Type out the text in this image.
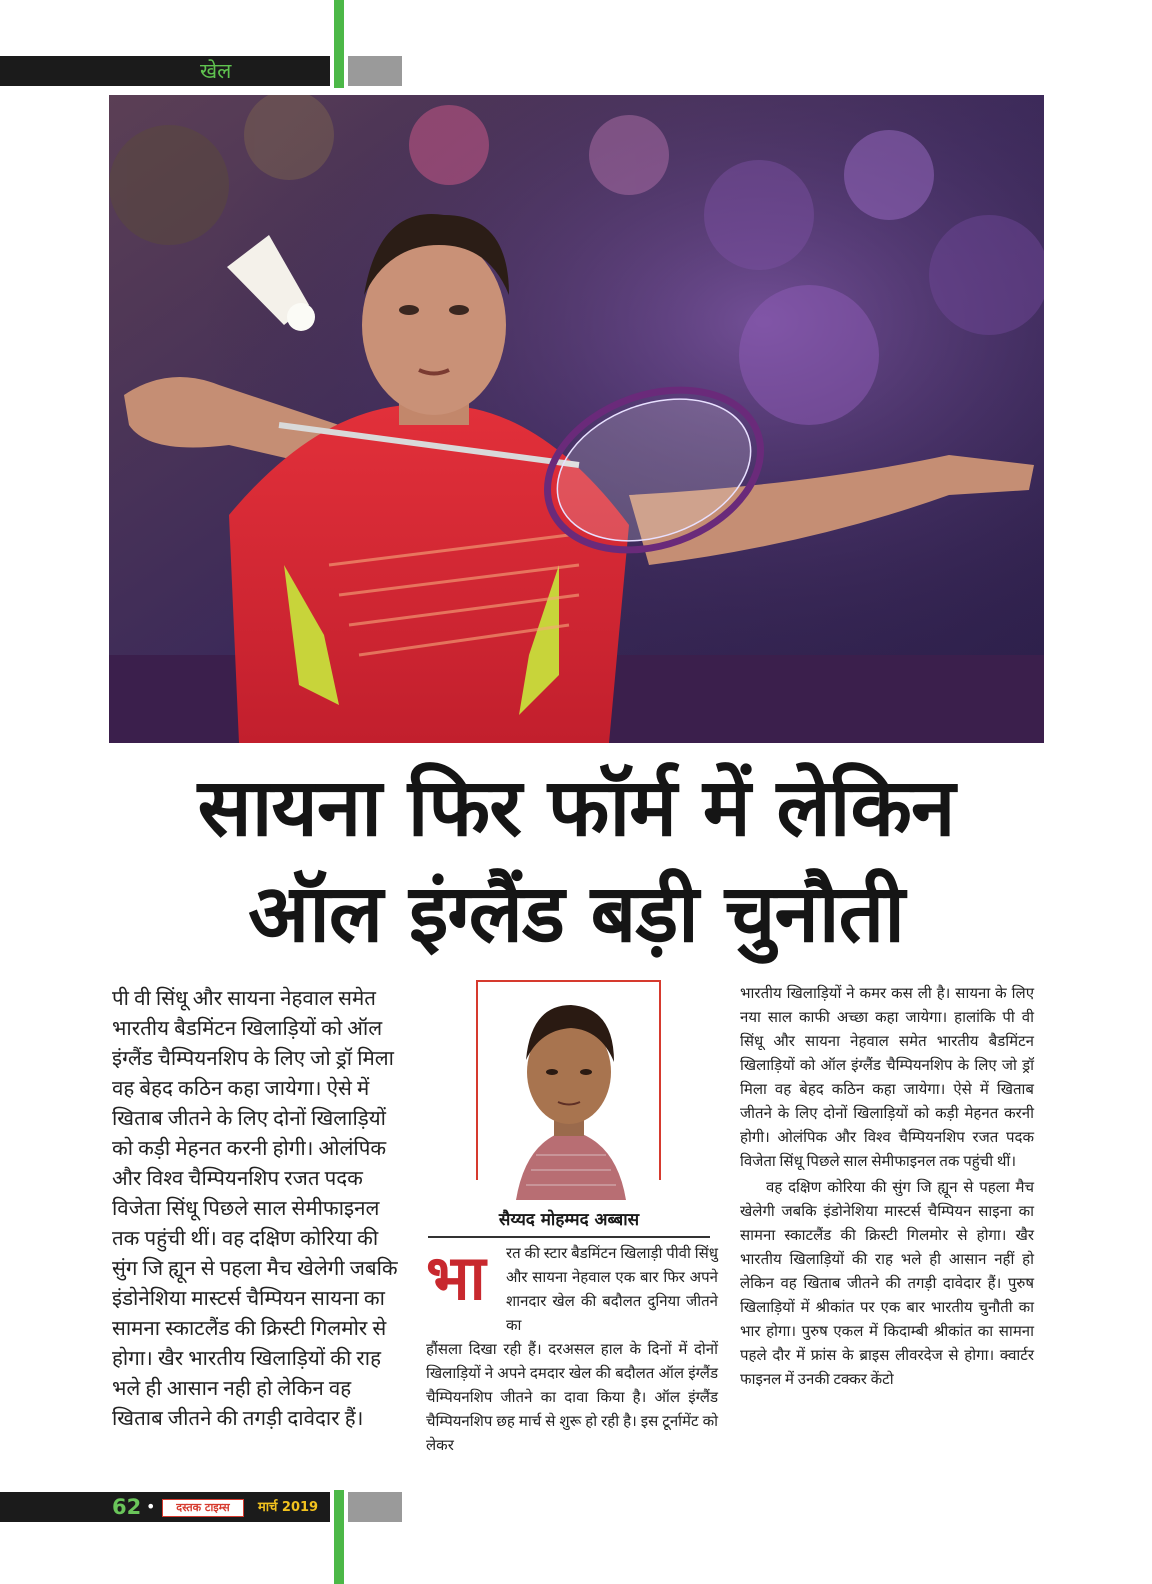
खेल
सायना फिर फॉर्म में लेकिन
ऑल इंग्लैंड बड़ी चुनौती

पी वी सिंधू और सायना नेहवाल समेत भारतीय बैडमिंटन खिलाड़ियों को ऑल इंग्लैंड चैम्पियनशिप के लिए जो ड्रॉ मिला वह बेहद कठिन कहा जायेगा। ऐसे में खिताब जीतने के लिए दोनों खिलाड़ियों को कड़ी मेहनत करनी होगी। ओलंपिक और विश्व चैम्पियनशिप रजत पदक विजेता सिंधू पिछले साल सेमीफाइनल तक पहुंची थीं। वह दक्षिण कोरिया की सुंग जि ह्यून से पहला मैच खेलेगी जबकि इंडोनेशिया मास्टर्स चैम्पियन सायना का सामना स्काटलैंड की क्रिस्टी गिलमोर से होगा। खैर भारतीय खिलाड़ियों की राह भले ही आसान नही हो लेकिन वह खिताब जीतने की तगड़ी दावेदार हैं।

सैय्यद मोहम्मद अब्बास
भा	रत की स्टार बैडमिंटन खिलाड़ी पीवी सिंधु और सायना नेहवाल एक बार फिर अपने शानदार खेल की बदौलत दुनिया जीतने का

हौंसला दिखा रही हैं। दरअसल हाल के दिनों में दोनों खिलाड़ियों ने अपने दमदार खेल की बदौलत ऑल इंग्लैंड चैम्पियनशिप जीतने का दावा किया है। ऑल इंग्लैंड चैम्पियनशिप छह मार्च से शुरू हो रही है। इस टूर्नामेंट को लेकर

भारतीय खिलाड़ियों ने कमर कस ली है। सायना के लिए नया साल काफी अच्छा कहा जायेगा। हालांकि पी वी सिंधू और सायना नेहवाल समेत भारतीय बैडमिंटन खिलाड़ियों को ऑल इंग्लैंड चैम्पियनशिप के लिए जो ड्रॉ मिला वह बेहद कठिन कहा जायेगा। ऐसे में खिताब जीतने के लिए दोनों खिलाड़ियों को कड़ी मेहनत करनी होगी। ओलंपिक और विश्व चैम्पियनशिप रजत पदक विजेता सिंधू पिछले साल सेमीफाइनल तक पहुंची थीं।

वह दक्षिण कोरिया की सुंग जि ह्यून से पहला मैच खेलेगी जबकि इंडोनेशिया मास्टर्स चैम्पियन साइना का सामना स्काटलैंड की क्रिस्टी गिलमोर से होगा। खैर भारतीय खिलाड़ियों की राह भले ही आसान नहीं हो लेकिन वह खिताब जीतने की तगड़ी दावेदार हैं। पुरुष खिलाड़ियों में श्रीकांत पर एक बार भारतीय चुनौती का भार होगा। पुरुष एकल में किदाम्बी श्रीकांत का सामना पहले दौर में फ्रांस के ब्राइस लीवरदेज से होगा। क्वार्टर फाइनल में उनकी टक्कर केंटो

62 •	दस्तक टाइम्स	मार्च 2019
